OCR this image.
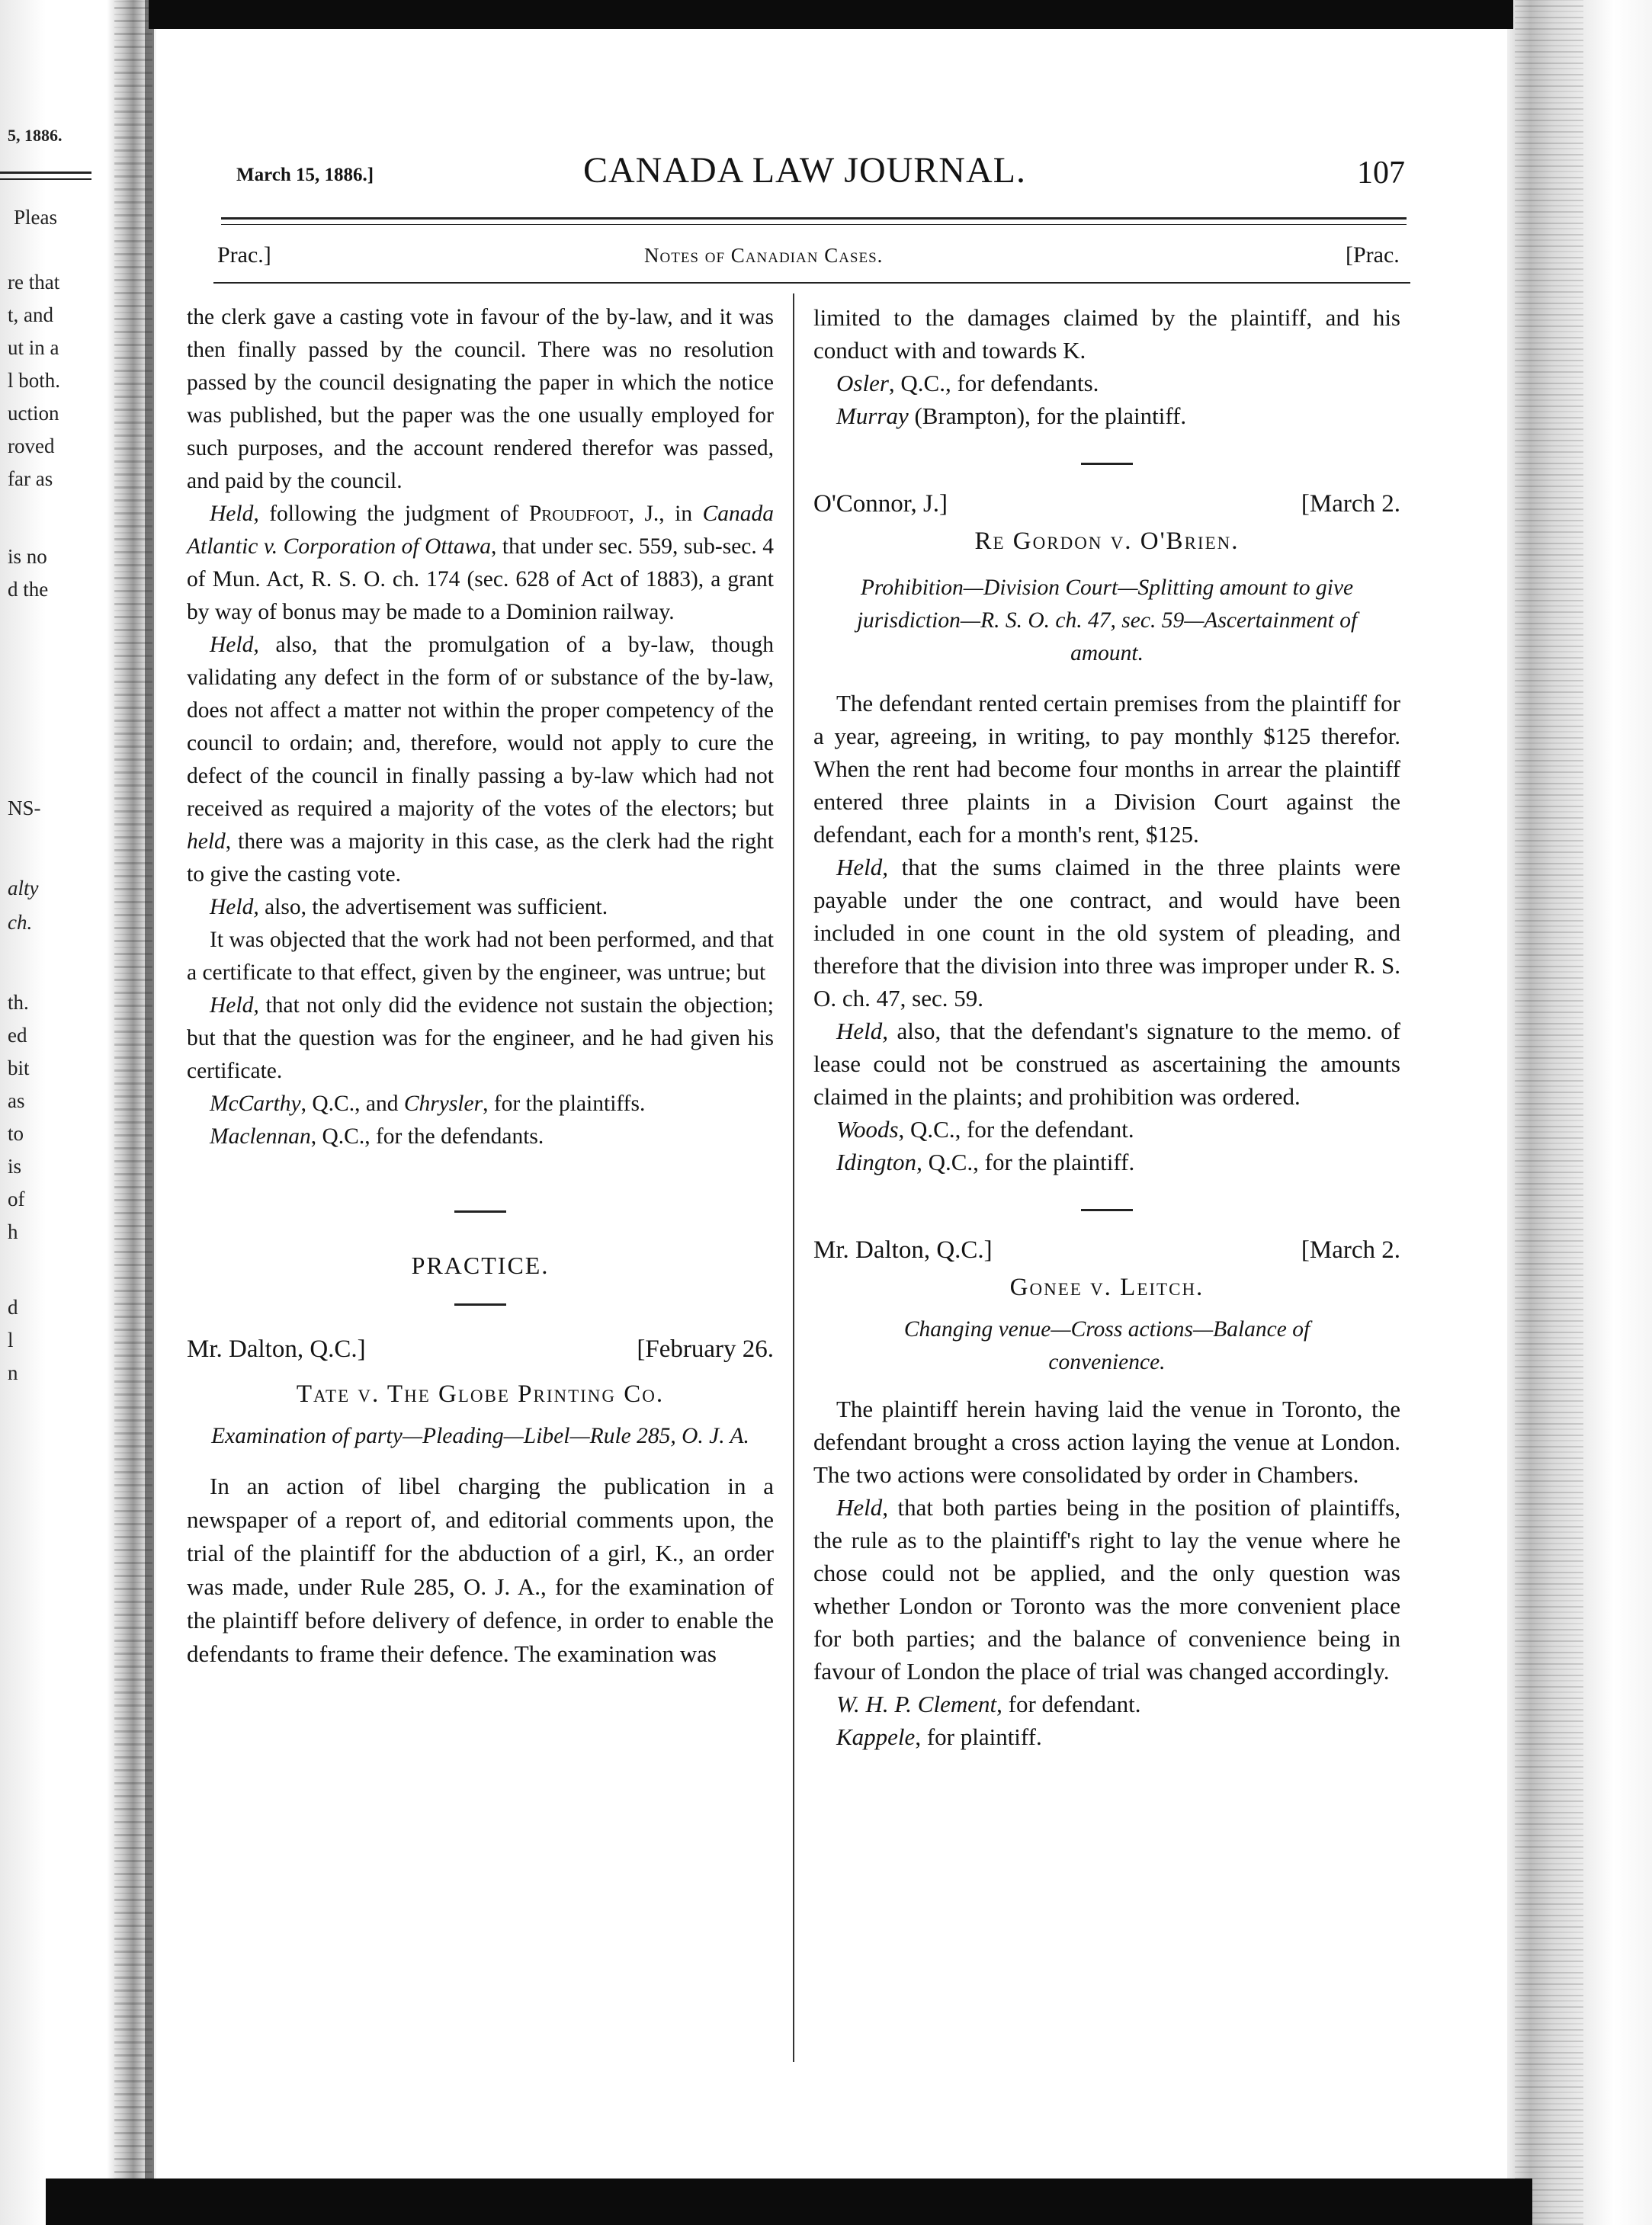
5, 1886.
Pleas
re that
t, and
ut in a
l both.
uction
roved
far as
is no
d the
NS-
alty
ch.
th.
ed
bit
as
to
is
of
h
d
l
n
March 15, 1886.]	CANADA LAW JOURNAL.	107
Prac.]	Notes of Canadian Cases.	[Prac.

the clerk gave a casting vote in favour of the by-law, and it was then finally passed by the council. There was no resolution passed by the council designating the paper in which the notice was published, but the paper was the one usually employed for such purposes, and the account rendered therefor was passed, and paid by the council.

Held, following the judgment of Proudfoot, J., in Canada Atlantic v. Corporation of Ottawa, that under sec. 559, sub-sec. 4 of Mun. Act, R. S. O. ch. 174 (sec. 628 of Act of 1883), a grant by way of bonus may be made to a Dominion railway.

Held, also, that the promulgation of a by-law, though validating any defect in the form of or substance of the by-law, does not affect a matter not within the proper competency of the council to ordain; and, therefore, would not apply to cure the defect of the council in finally passing a by-law which had not received as required a majority of the votes of the electors; but held, there was a majority in this case, as the clerk had the right to give the casting vote.

Held, also, the advertisement was sufficient.

It was objected that the work had not been performed, and that a certificate to that effect, given by the engineer, was untrue; but

Held, that not only did the evidence not sustain the objection; but that the question was for the engineer, and he had given his certificate.

McCarthy, Q.C., and Chrysler, for the plaintiffs.

Maclennan, Q.C., for the defendants.

PRACTICE.

Mr. Dalton, Q.C.]	[February 26.

Tate v. The Globe Printing Co.

Examination of party—Pleading—Libel—Rule 285, O. J. A.

In an action of libel charging the publication in a newspaper of a report of, and editorial comments upon, the trial of the plaintiff for the abduction of a girl, K., an order was made, under Rule 285, O. J. A., for the examination of the plaintiff before delivery of defence, in order to enable the defendants to frame their defence. The examination was

limited to the damages claimed by the plaintiff, and his conduct with and towards K.

Osler, Q.C., for defendants.

Murray (Brampton), for the plaintiff.

O'Connor, J.]	[March 2.

Re Gordon v. O'Brien.

Prohibition—Division Court—Splitting amount to give jurisdiction—R. S. O. ch. 47, sec. 59—Ascertainment of amount.

The defendant rented certain premises from the plaintiff for a year, agreeing, in writing, to pay monthly $125 therefor. When the rent had become four months in arrear the plaintiff entered three plaints in a Division Court against the defendant, each for a month's rent, $125.

Held, that the sums claimed in the three plaints were payable under the one contract, and would have been included in one count in the old system of pleading, and therefore that the division into three was improper under R. S. O. ch. 47, sec. 59.

Held, also, that the defendant's signature to the memo. of lease could not be construed as ascertaining the amounts claimed in the plaints; and prohibition was ordered.

Woods, Q.C., for the defendant.

Idington, Q.C., for the plaintiff.

Mr. Dalton, Q.C.]	[March 2.

Gonee v. Leitch.

Changing venue—Cross actions—Balance of convenience.

The plaintiff herein having laid the venue in Toronto, the defendant brought a cross action laying the venue at London. The two actions were consolidated by order in Chambers.

Held, that both parties being in the position of plaintiffs, the rule as to the plaintiff's right to lay the venue where he chose could not be applied, and the only question was whether London or Toronto was the more convenient place for both parties; and the balance of convenience being in favour of London the place of trial was changed accordingly.

W. H. P. Clement, for defendant.

Kappele, for plaintiff.
